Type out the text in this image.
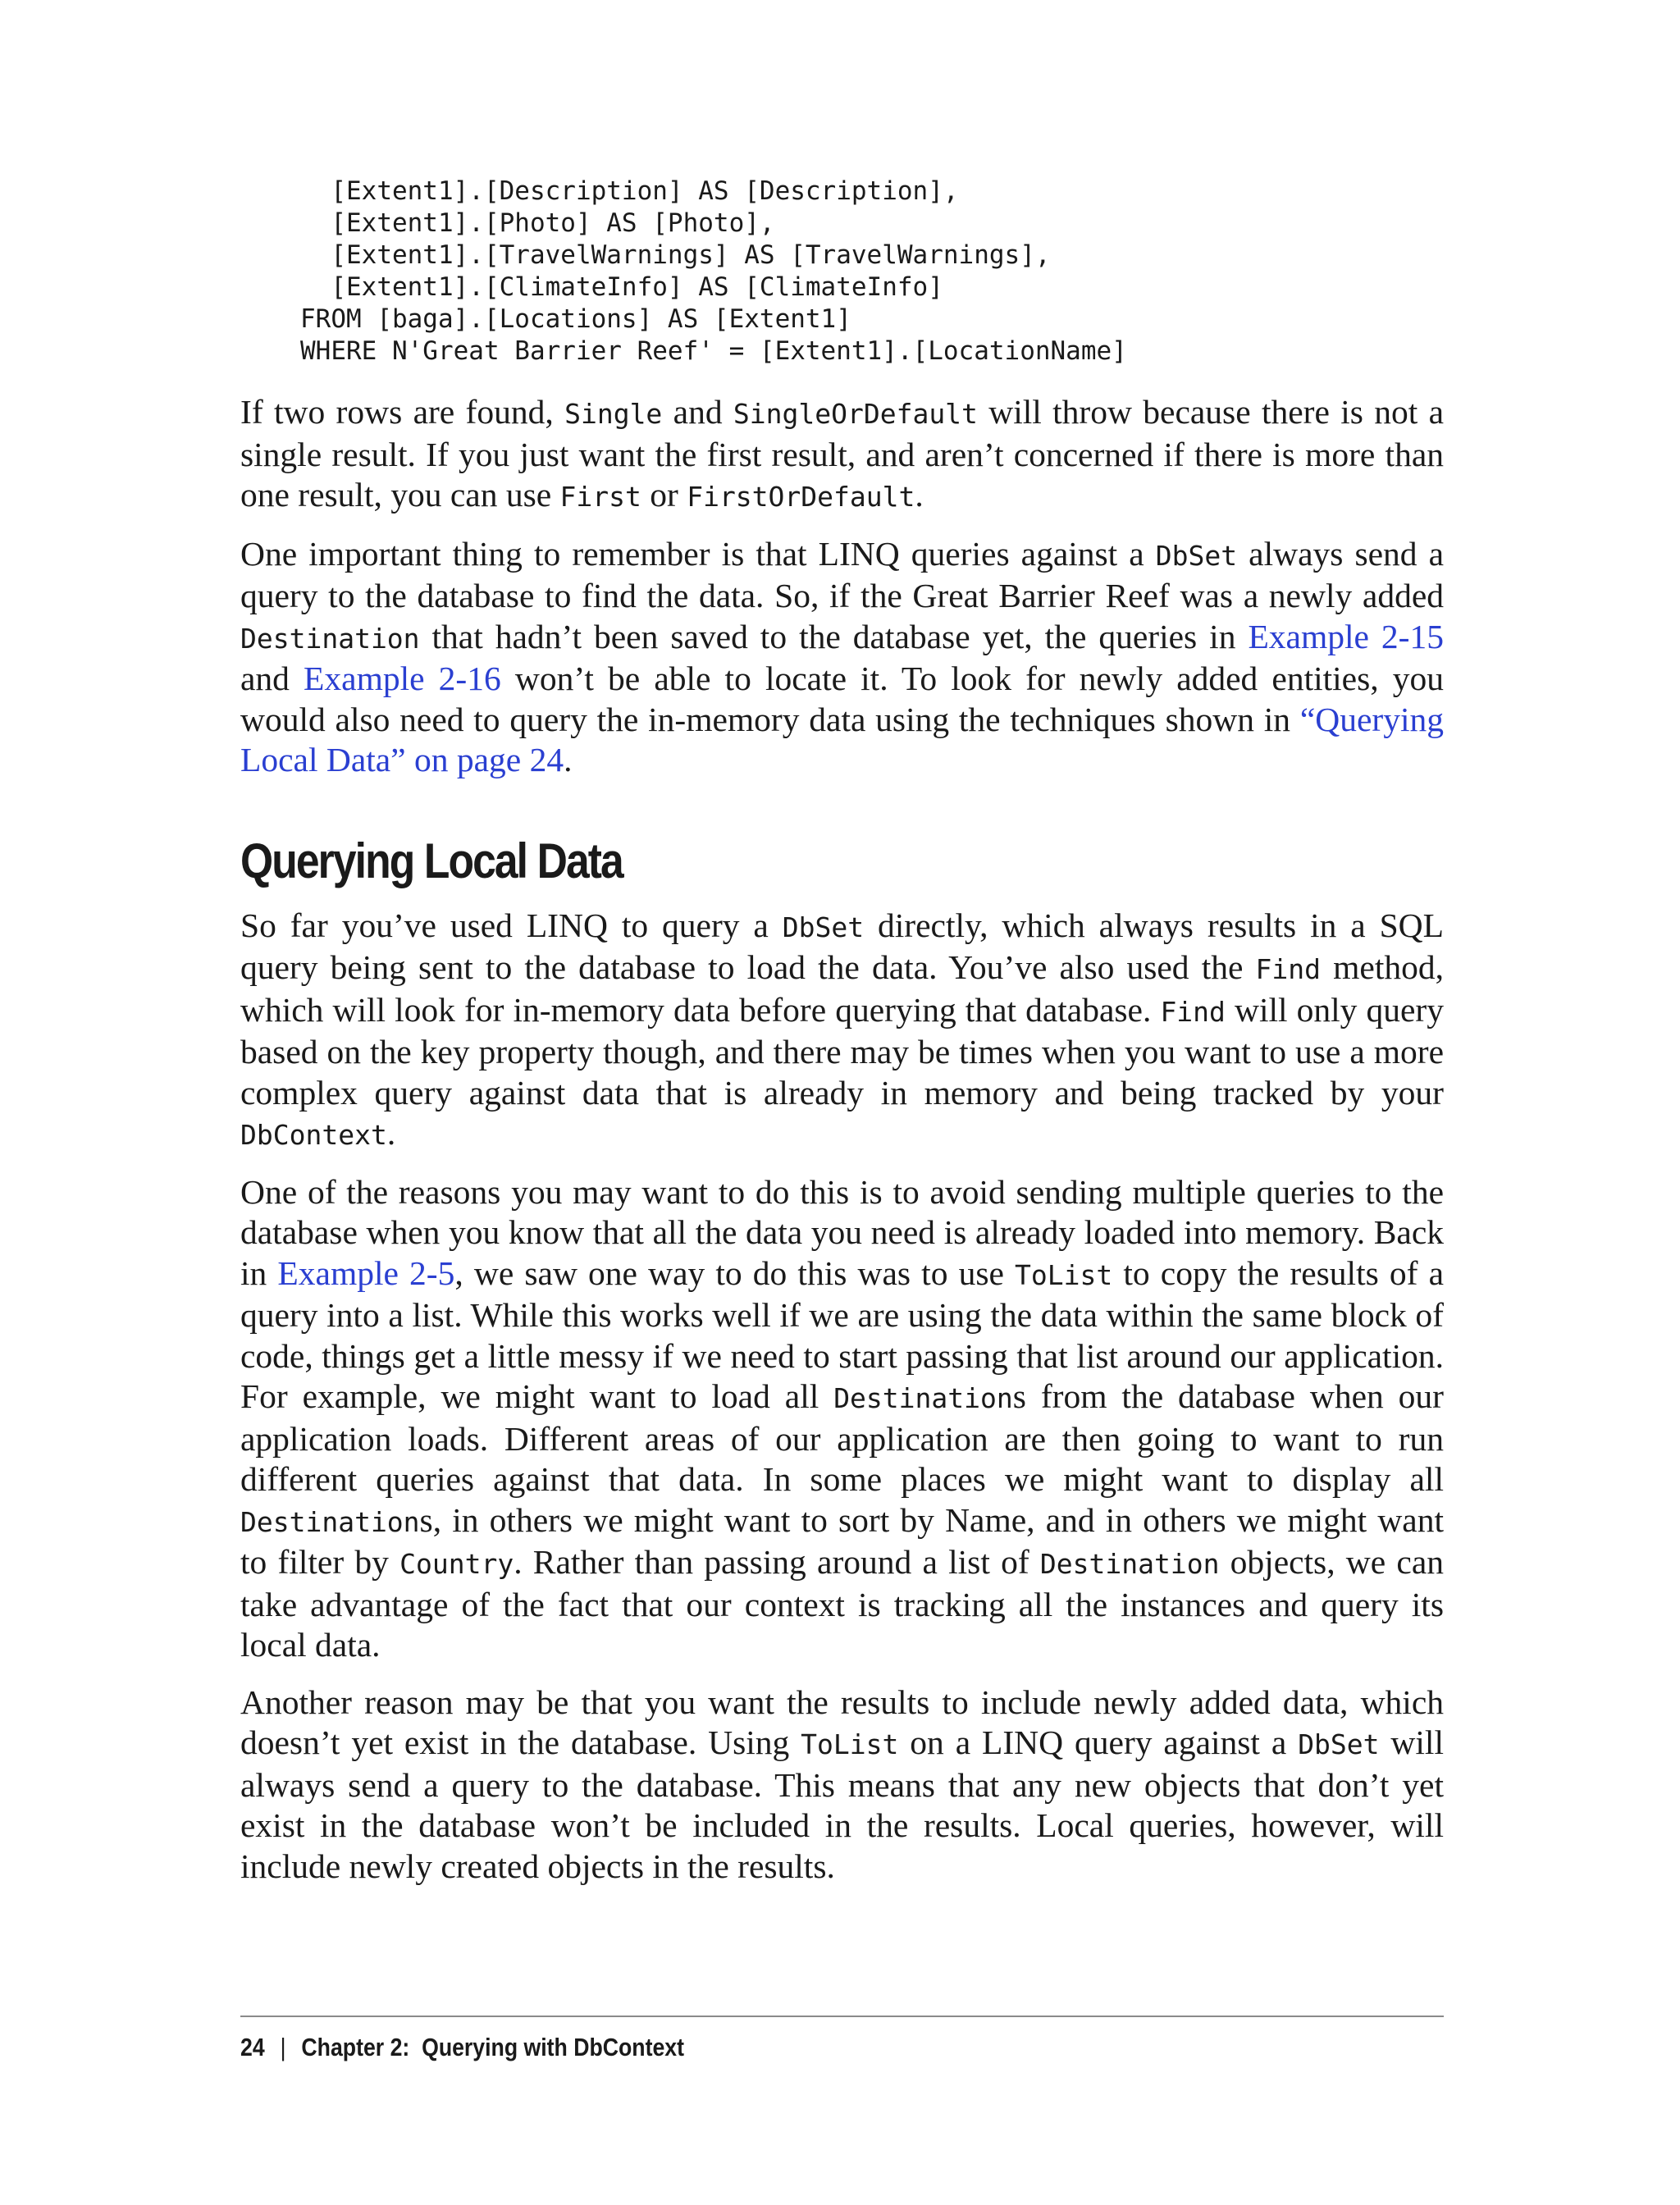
[Extent1].[Description] AS [Description],
[Extent1].[Photo] AS [Photo],
[Extent1].[TravelWarnings] AS [TravelWarnings],
[Extent1].[ClimateInfo] AS [ClimateInfo]
FROM [baga].[Locations] AS [Extent1]
WHERE N'Great Barrier Reef' = [Extent1].[LocationName]

If two rows are found, Single and SingleOrDefault will throw because there is not a single result. If you just want the first result, and aren’t concerned if there is more than one result, you can use First or FirstOrDefault.

One important thing to remember is that LINQ queries against a DbSet always send a query to the database to find the data. So, if the Great Barrier Reef was a newly added Destination that hadn’t been saved to the database yet, the queries in Example 2-15 and Example 2-16 won’t be able to locate it. To look for newly added entities, you would also need to query the in-memory data using the techniques shown in “Querying Local Data” on page 24.

Querying Local Data

So far you’ve used LINQ to query a DbSet directly, which always results in a SQL query being sent to the database to load the data. You’ve also used the Find method, which will look for in-memory data before querying that database. Find will only query based on the key property though, and there may be times when you want to use a more complex query against data that is already in memory and being tracked by your DbContext.

One of the reasons you may want to do this is to avoid sending multiple queries to the database when you know that all the data you need is already loaded into memory. Back in Example 2-5, we saw one way to do this was to use ToList to copy the results of a query into a list. While this works well if we are using the data within the same block of code, things get a little messy if we need to start passing that list around our application. For example, we might want to load all Destinations from the database when our application loads. Different areas of our application are then going to want to run different queries against that data. In some places we might want to display all Destinations, in others we might want to sort by Name, and in others we might want to filter by Country. Rather than passing around a list of Destination objects, we can take advantage of the fact that our context is tracking all the instances and query its local data.

Another reason may be that you want the results to include newly added data, which doesn’t yet exist in the database. Using ToList on a LINQ query against a DbSet will always send a query to the database. This means that any new objects that don’t yet exist in the database won’t be included in the results. Local queries, however, will include newly created objects in the results.

24 | Chapter 2:  Querying with DbContext
